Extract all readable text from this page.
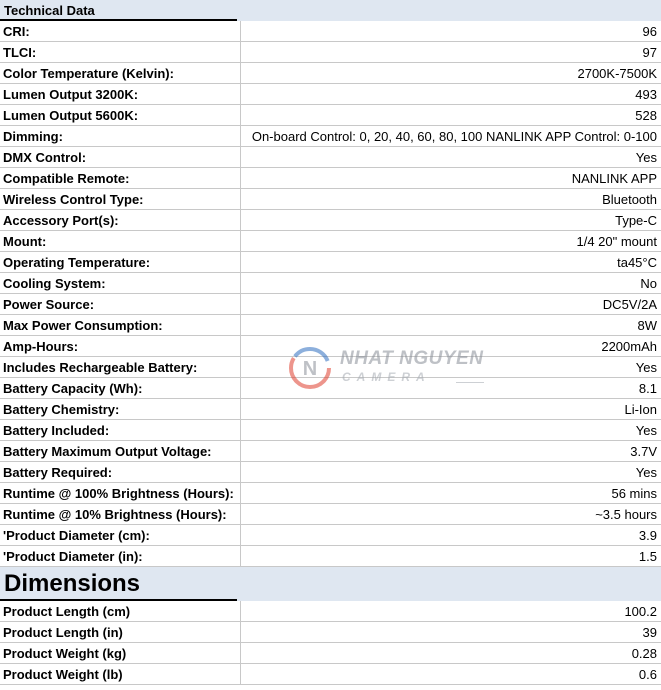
Technical Data
CRI:	96
TLCI:	97
Color Temperature (Kelvin):	2700K-7500K
Lumen Output 3200K:	493
Lumen Output 5600K:	528
Dimming:	On-board Control: 0, 20, 40, 60, 80, 100 NANLINK APP Control: 0-100
DMX Control:	Yes
Compatible Remote:	NANLINK APP
Wireless Control Type:	Bluetooth
Accessory Port(s):	Type-C
Mount:	1/4 20" mount
Operating Temperature:	ta45°C
Cooling System:	No
Power Source:	DC5V/2A
Max Power Consumption:	8W
Amp-Hours:	2200mAh
Includes Rechargeable Battery:	Yes
Battery Capacity (Wh):	8.1
Battery Chemistry:	Li-Ion
Battery Included:	Yes
Battery Maximum Output Voltage:	3.7V
Battery Required:	Yes
Runtime @ 100% Brightness (Hours):	56 mins
Runtime @ 10% Brightness (Hours):	~3.5 hours
'Product Diameter (cm):	3.9
'Product Diameter (in):	1.5
Dimensions
Product Length (cm)	100.2
Product Length (in)	39
Product Weight (kg)	0.28
Product Weight (lb)	0.6
N NHAT NGUYEN
CAMERA
